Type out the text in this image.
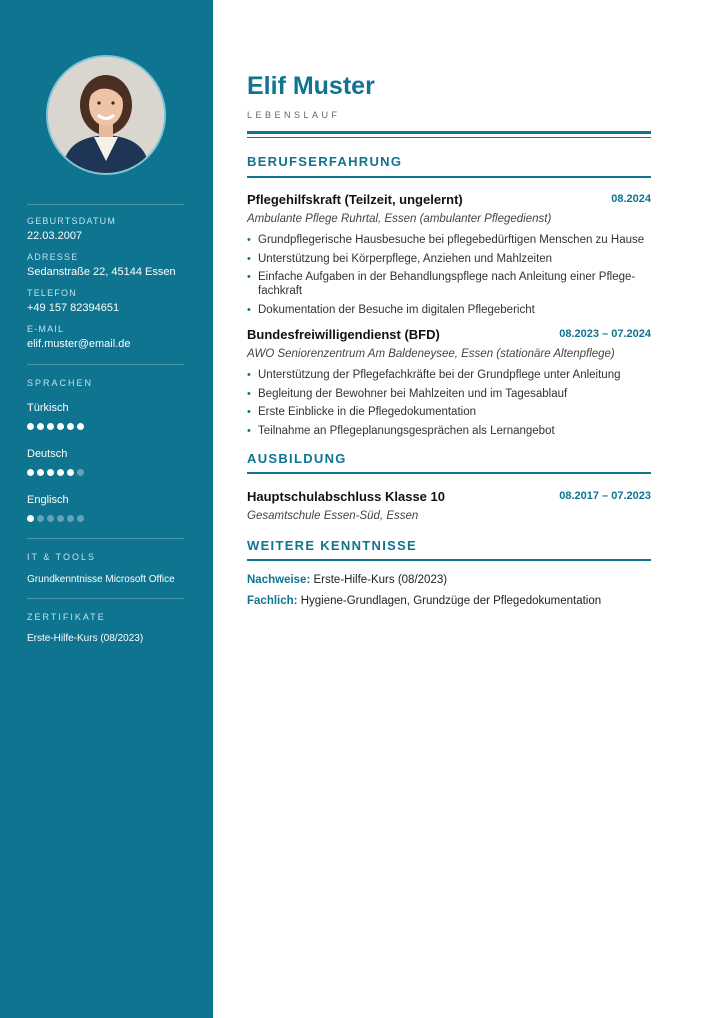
GEBURTSDATUM
22.03.2007
ADRESSE
Sedanstraße 22, 45144 Essen
TELEFON
+49 157 82394651
E-MAIL
elif.muster@email.de
SPRACHEN
Türkisch
Deutsch
Englisch
IT & TOOLS
Grundkenntnisse Microsoft Office
ZERTIFIKATE
Erste-Hilfe-Kurs (08/2023)
Elif Muster
LEBENSLAUF
BERUFSERFAHRUNG
Pflegehilfskraft (Teilzeit, ungelernt)	08.2024
Ambulante Pflege Ruhrtal, Essen (ambulanter Pflegedienst)
• Grundpflegerische Hausbesuche bei pflegebedürftigen Menschen zu Hause
• Unterstützung bei Körperpflege, Anziehen und Mahlzeiten
• Einfache Aufgaben in der Behandlungspflege nach Anleitung einer Pflege- fachkraft
• Dokumentation der Besuche im digitalen Pflegebericht
Bundesfreiwilligendienst (BFD)	08.2023 – 07.2024
AWO Seniorenzentrum Am Baldeneysee, Essen (stationäre Altenpflege)
• Unterstützung der Pflegefachkräfte bei der Grundpflege unter Anleitung
• Begleitung der Bewohner bei Mahlzeiten und im Tagesablauf
• Erste Einblicke in die Pflegedokumentation
• Teilnahme an Pflegeplanungsgesprächen als Lernangebot
AUSBILDUNG
Hauptschulabschluss Klasse 10	08.2017 – 07.2023
Gesamtschule Essen-Süd, Essen
WEITERE KENNTNISSE
Nachweise: Erste-Hilfe-Kurs (08/2023)
Fachlich: Hygiene-Grundlagen, Grundzüge der Pflegedokumentation
